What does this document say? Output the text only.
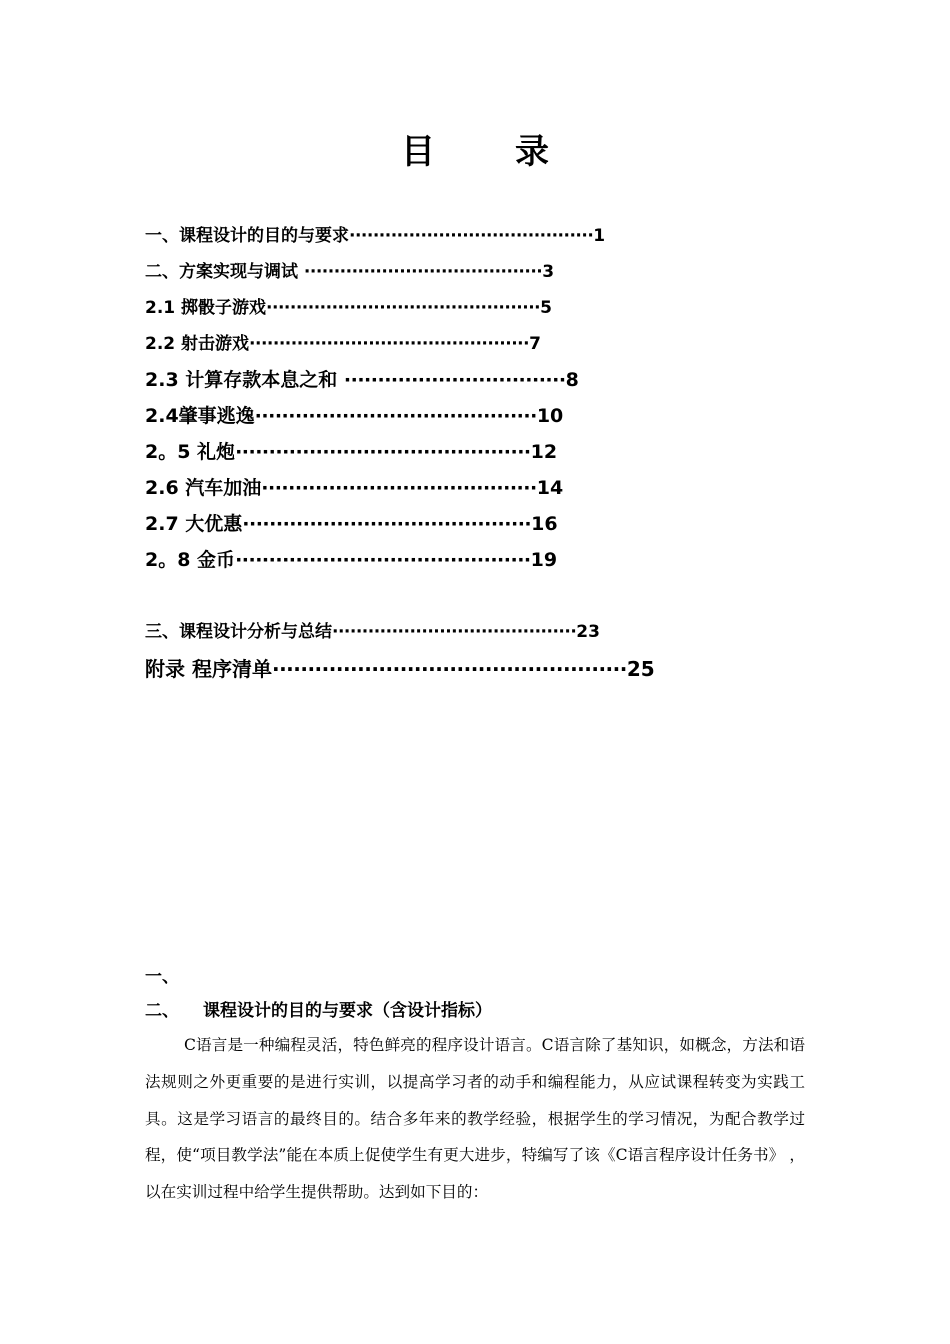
目 录
一、课程设计的目的与要求·········································1
二、方案实现与调试 ········································3
2.1 掷骰子游戏··············································5
2.2 射击游戏···············································7
2.3 计算存款本息之和 ·································8
2.4肇事逃逸··········································10
2。5 礼炮············································12
2.6 汽车加油·········································14
2.7 大优惠···········································16
2。8 金币············································19
三、课程设计分析与总结·········································23
附录 程序清单··················································25
一、
二、 课程设计的目的与要求（含设计指标）
C语言是一种编程灵活，特色鲜亮的程序设计语言。C语言除了基知识，如概念，方法和语法规则之外更重要的是进行实训，以提高学习者的动手和编程能力，从应试课程转变为实践工具。这是学习语言的最终目的。结合多年来的教学经验，根据学生的学习情况，为配合教学过程，使“项目教学法”能在本质上促使学生有更大进步，特编写了该《C语言程序设计任务书》 ，以在实训过程中给学生提供帮助。达到如下目的：
